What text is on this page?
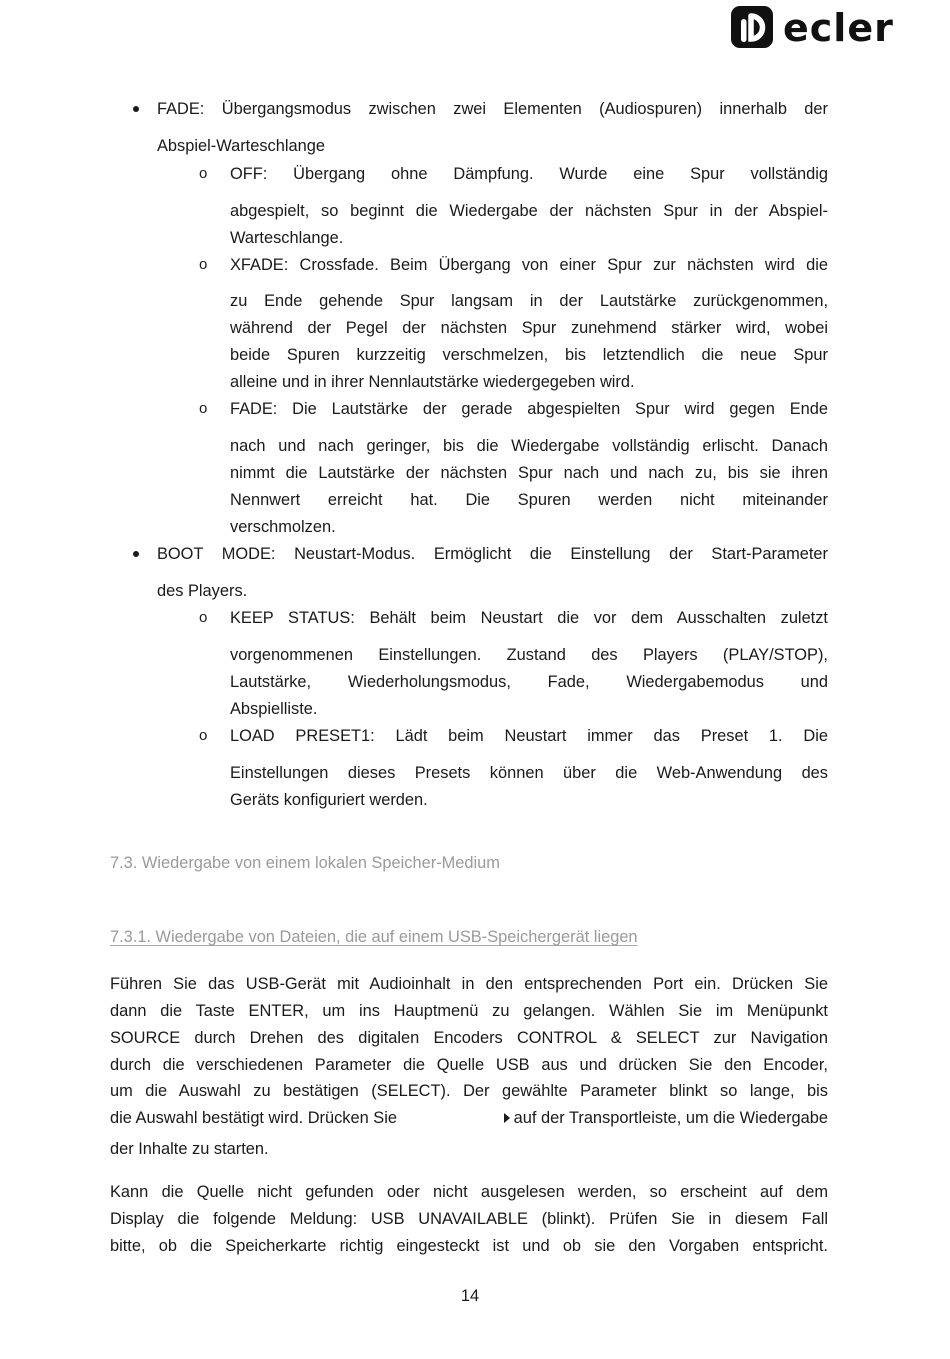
ecler
FADE: Übergangsmodus zwischen zwei Elementen (Audiospuren) innerhalb der
Abspiel-Warteschlange
o OFF: Übergang ohne Dämpfung. Wurde eine Spur vollständig
abgespielt, so beginnt die Wiedergabe der nächsten Spur in der Abspiel-
Warteschlange.
o XFADE: Crossfade. Beim Übergang von einer Spur zur nächsten wird die
zu Ende gehende Spur langsam in der Lautstärke zurückgenommen,
während der Pegel der nächsten Spur zunehmend stärker wird, wobei
beide Spuren kurzzeitig verschmelzen, bis letztendlich die neue Spur
alleine und in ihrer Nennlautstärke wiedergegeben wird.
o FADE: Die Lautstärke der gerade abgespielten Spur wird gegen Ende
nach und nach geringer, bis die Wiedergabe vollständig erlischt. Danach
nimmt die Lautstärke der nächsten Spur nach und nach zu, bis sie ihren
Nennwert erreicht hat. Die Spuren werden nicht miteinander
verschmolzen.
BOOT MODE: Neustart-Modus. Ermöglicht die Einstellung der Start-Parameter
des Players.
o KEEP STATUS: Behält beim Neustart die vor dem Ausschalten zuletzt
vorgenommenen Einstellungen. Zustand des Players (PLAY/STOP),
Lautstärke, Wiederholungsmodus, Fade, Wiedergabemodus und
Abspielliste.
o LOAD PRESET1: Lädt beim Neustart immer das Preset 1. Die
Einstellungen dieses Presets können über die Web-Anwendung des
Geräts konfiguriert werden.
7.3. Wiedergabe von einem lokalen Speicher-Medium
7.3.1. Wiedergabe von Dateien, die auf einem USB-Speichergerät liegen
Führen Sie das USB-Gerät mit Audioinhalt in den entsprechenden Port ein. Drücken Sie
dann die Taste ENTER, um ins Hauptmenü zu gelangen. Wählen Sie im Menüpunkt
SOURCE durch Drehen des digitalen Encoders CONTROL & SELECT zur Navigation
durch die verschiedenen Parameter die Quelle USB aus und drücken Sie den Encoder,
um die Auswahl zu bestätigen (SELECT). Der gewählte Parameter blinkt so lange, bis
die Auswahl bestätigt wird. Drücken Sie	auf der Transportleiste, um die Wiedergabe
der Inhalte zu starten.
Kann die Quelle nicht gefunden oder nicht ausgelesen werden, so erscheint auf dem
Display die folgende Meldung: USB UNAVAILABLE (blinkt). Prüfen Sie in diesem Fall
bitte, ob die Speicherkarte richtig eingesteckt ist und ob sie den Vorgaben entspricht.
14
